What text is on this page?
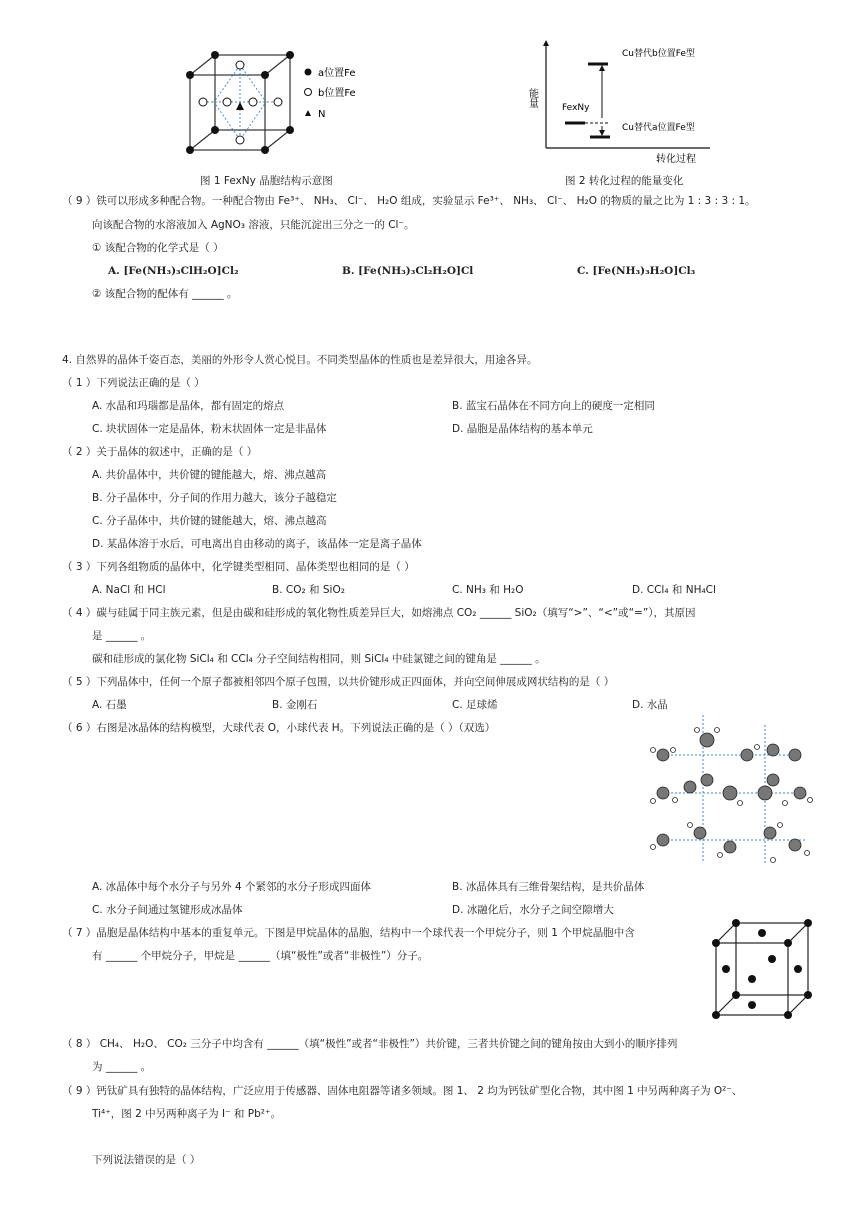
a位置Fe
b位置Fe
N
图 1 FexNy 晶胞结构示意图
能量
转化过程
FexNy
Cu替代b位置Fe型
Cu替代a位置Fe型
图 2 转化过程的能量变化
（ 9 ）铁可以形成多种配合物。一种配合物由 Fe³⁺、 NH₃、 Cl⁻、 H₂O 组成，实验显示 Fe³⁺、 NH₃、 Cl⁻、 H₂O 的物质的量之比为 1 : 3 : 3 : 1。
向该配合物的水溶液加入 AgNO₃ 溶液，只能沉淀出三分之一的 Cl⁻。
① 该配合物的化学式是（ ）
A. [Fe(NH₃)₃ClH₂O]Cl₂	B. [Fe(NH₃)₃Cl₂H₂O]Cl	C. [Fe(NH₃)₃H₂O]Cl₃
② 该配合物的配体有 ______ 。
4. 自然界的晶体千姿百态，美丽的外形令人赏心悦目。不同类型晶体的性质也是差异很大，用途各异。
（ 1 ）下列说法正确的是（ ）
A. 水晶和玛瑙都是晶体，都有固定的熔点	B. 蓝宝石晶体在不同方向上的硬度一定相同
C. 块状固体一定是晶体，粉末状固体一定是非晶体	D. 晶胞是晶体结构的基本单元
（ 2 ）关于晶体的叙述中，正确的是（ ）
A. 共价晶体中，共价键的键能越大，熔、沸点越高
B. 分子晶体中，分子间的作用力越大，该分子越稳定
C. 分子晶体中，共价键的键能越大，熔、沸点越高
D. 某晶体溶于水后，可电离出自由移动的离子，该晶体一定是离子晶体
（ 3 ）下列各组物质的晶体中，化学键类型相同、晶体类型也相同的是（ ）
A. NaCl 和 HCl	B. CO₂ 和 SiO₂	C. NH₃ 和 H₂O	D. CCl₄ 和 NH₄Cl
（ 4 ）碳与硅属于同主族元素，但是由碳和硅形成的氧化物性质差异巨大，如熔沸点 CO₂ ______ SiO₂（填写“>”、“<”或“=”），其原因
是 ______ 。
碳和硅形成的氯化物 SiCl₄ 和 CCl₄ 分子空间结构相同，则 SiCl₄ 中硅氯键之间的键角是 ______ 。
（ 5 ）下列晶体中，任何一个原子都被相邻四个原子包围，以共价键形成正四面体，并向空间伸展成网状结构的是（ ）
A. 石墨	B. 金刚石	C. 足球烯	D. 水晶
（ 6 ）右图是冰晶体的结构模型，大球代表 O，小球代表 H。下列说法正确的是（ ）（双选）
A. 冰晶体中每个水分子与另外 4 个紧邻的水分子形成四面体	B. 冰晶体具有三维骨架结构，是共价晶体
C. 水分子间通过氢键形成冰晶体	D. 冰融化后，水分子之间空隙增大
（ 7 ）晶胞是晶体结构中基本的重复单元。下图是甲烷晶体的晶胞，结构中一个球代表一个甲烷分子，则 1 个甲烷晶胞中含
有 ______ 个甲烷分子，甲烷是 ______（填“极性”或者“非极性”）分子。
（ 8 ） CH₄、 H₂O、 CO₂ 三分子中均含有 ______（填“极性”或者“非极性”）共价键，三者共价键之间的键角按由大到小的顺序排列
为 ______ 。
（ 9 ）钙钛矿具有独特的晶体结构，广泛应用于传感器、固体电阻器等诸多领域。图 1、 2 均为钙钛矿型化合物，其中图 1 中另两种离子为 O²⁻、
Ti⁴⁺，图 2 中另两种离子为 I⁻ 和 Pb²⁺。
下列说法错误的是（ ）
